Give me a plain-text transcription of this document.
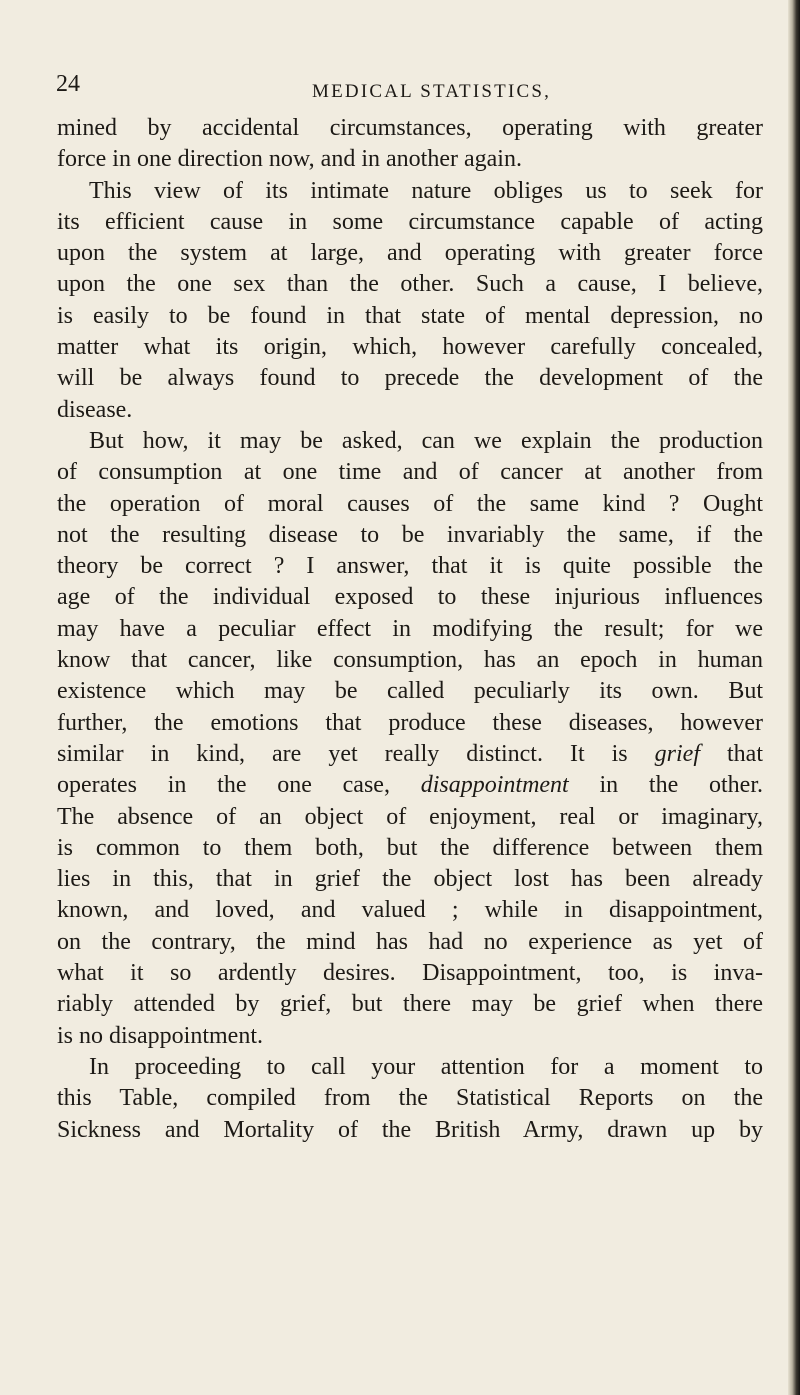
24	MEDICAL STATISTICS,
mined by accidental circumstances, operating with greater
force in one direction now, and in another again.
This view of its intimate nature obliges us to seek for
its efficient cause in some circumstance capable of acting
upon the system at large, and operating with greater force
upon the one sex than the other. Such a cause, I believe,
is easily to be found in that state of mental depression, no
matter what its origin, which, however carefully concealed,
will be always found to precede the development of the
disease.
But how, it may be asked, can we explain the production
of consumption at one time and of cancer at another from
the operation of moral causes of the same kind ? Ought
not the resulting disease to be invariably the same, if the
theory be correct ? I answer, that it is quite possible the
age of the individual exposed to these injurious influences
may have a peculiar effect in modifying the result; for we
know that cancer, like consumption, has an epoch in human
existence which may be called peculiarly its own. But
further, the emotions that produce these diseases, however
similar in kind, are yet really distinct. It is grief that
operates in the one case, disappointment in the other.
The absence of an object of enjoyment, real or imaginary,
is common to them both, but the difference between them
lies in this, that in grief the object lost has been already
known, and loved, and valued ; while in disappointment,
on the contrary, the mind has had no experience as yet of
what it so ardently desires. Disappointment, too, is inva-
riably attended by grief, but there may be grief when there
is no disappointment.
In proceeding to call your attention for a moment to
this Table, compiled from the Statistical Reports on the
Sickness and Mortality of the British Army, drawn up by
